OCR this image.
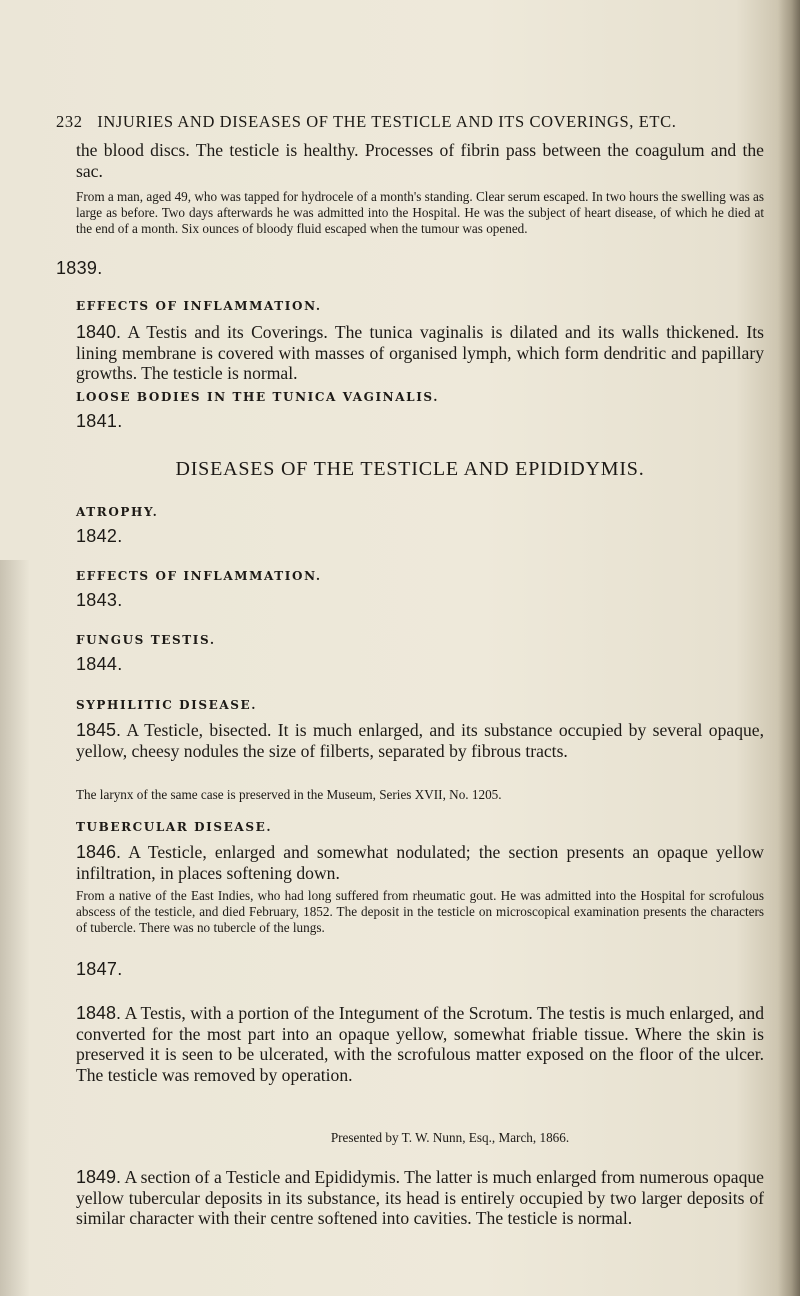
232 INJURIES AND DISEASES OF THE TESTICLE AND ITS COVERINGS, ETC.

the blood discs. The testicle is healthy. Processes of fibrin pass between the coagulum and the sac.

From a man, aged 49, who was tapped for hydrocele of a month's standing. Clear serum escaped. In two hours the swelling was as large as before. Two days afterwards he was admitted into the Hospital. He was the subject of heart disease, of which he died at the end of a month. Six ounces of bloody fluid escaped when the tumour was opened.

1839.
EFFECTS OF INFLAMMATION.
1840. A Testis and its Coverings. The tunica vaginalis is dilated and its walls thickened. Its lining membrane is covered with masses of organised lymph, which form dendritic and papillary growths. The testicle is normal.
LOOSE BODIES IN THE TUNICA VAGINALIS.
1841.
DISEASES OF THE TESTICLE AND EPIDIDYMIS.
ATROPHY.
1842.
EFFECTS OF INFLAMMATION.
1843.
FUNGUS TESTIS.
1844.
SYPHILITIC DISEASE.
1845. A Testicle, bisected. It is much enlarged, and its substance occupied by several opaque, yellow, cheesy nodules the size of filberts, separated by fibrous tracts.

The larynx of the same case is preserved in the Museum, Series XVII, No. 1205.

TUBERCULAR DISEASE.
1846. A Testicle, enlarged and somewhat nodulated; the section presents an opaque yellow infiltration, in places softening down.

From a native of the East Indies, who had long suffered from rheumatic gout. He was admitted into the Hospital for scrofulous abscess of the testicle, and died February, 1852. The deposit in the testicle on microscopical examination presents the characters of tubercle. There was no tubercle of the lungs.

1847.
1848. A Testis, with a portion of the Integument of the Scrotum. The testis is much enlarged, and converted for the most part into an opaque yellow, somewhat friable tissue. Where the skin is preserved it is seen to be ulcerated, with the scrofulous matter exposed on the floor of the ulcer. The testicle was removed by operation.
Presented by T. W. Nunn, Esq., March, 1866.
1849. A section of a Testicle and Epididymis. The latter is much enlarged from numerous opaque yellow tubercular deposits in its substance, its head is entirely occupied by two larger deposits of similar character with their centre softened into cavities. The testicle is normal.
